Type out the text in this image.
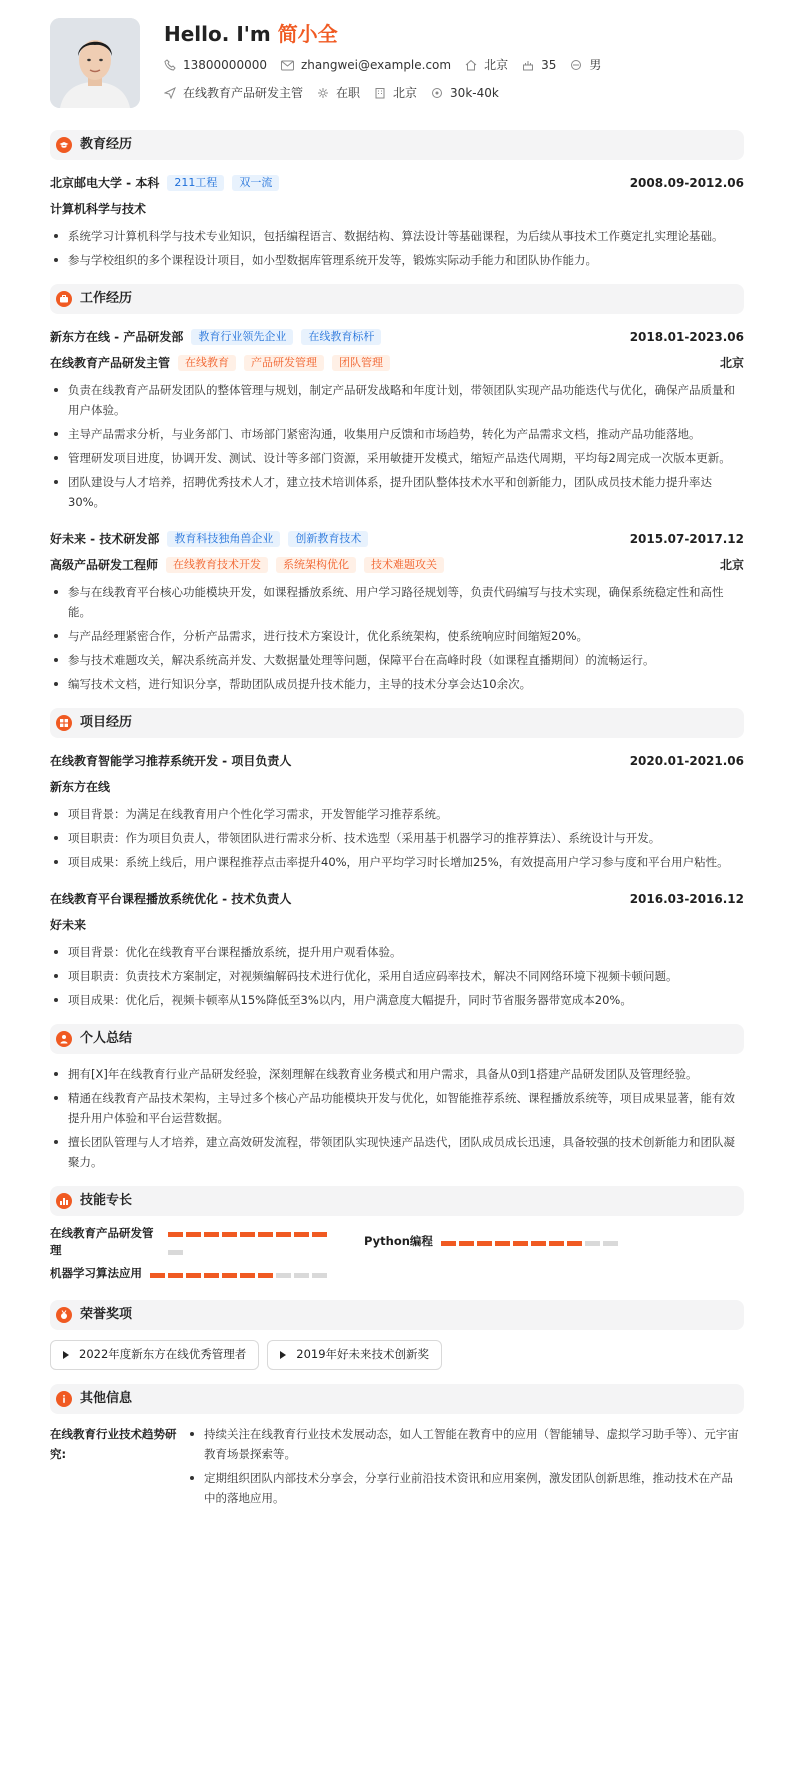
Hello. I'm 简小全
13800000000	zhangwei@example.com	北京	35	男
在线教育产品研发主管	在职	北京	30k-40k
教育经历
北京邮电大学 - 本科	211工程	双一流	2008.09-2012.06
计算机科学与技术
系统学习计算机科学与技术专业知识，包括编程语言、数据结构、算法设计等基础课程，为后续从事技术工作奠定扎实理论基础。
参与学校组织的多个课程设计项目，如小型数据库管理系统开发等，锻炼实际动手能力和团队协作能力。
工作经历
新东方在线 - 产品研发部	教育行业领先企业	在线教育标杆	2018.01-2023.06
在线教育产品研发主管	在线教育	产品研发管理	团队管理	北京
负责在线教育产品研发团队的整体管理与规划，制定产品研发战略和年度计划，带领团队实现产品功能迭代与优化，确保产品质量和用户体验。
主导产品需求分析，与业务部门、市场部门紧密沟通，收集用户反馈和市场趋势，转化为产品需求文档，推动产品功能落地。
管理研发项目进度，协调开发、测试、设计等多部门资源，采用敏捷开发模式，缩短产品迭代周期，平均每2周完成一次版本更新。
团队建设与人才培养，招聘优秀技术人才，建立技术培训体系，提升团队整体技术水平和创新能力，团队成员技术能力提升率达30%。
好未来 - 技术研发部	教育科技独角兽企业	创新教育技术	2015.07-2017.12
高级产品研发工程师	在线教育技术开发	系统架构优化	技术难题攻关	北京
参与在线教育平台核心功能模块开发，如课程播放系统、用户学习路径规划等，负责代码编写与技术实现，确保系统稳定性和高性能。
与产品经理紧密合作，分析产品需求，进行技术方案设计，优化系统架构，使系统响应时间缩短20%。
参与技术难题攻关，解决系统高并发、大数据量处理等问题，保障平台在高峰时段（如课程直播期间）的流畅运行。
编写技术文档，进行知识分享，帮助团队成员提升技术能力，主导的技术分享会达10余次。
项目经历
在线教育智能学习推荐系统开发 - 项目负责人	2020.01-2021.06
新东方在线
项目背景：为满足在线教育用户个性化学习需求，开发智能学习推荐系统。
项目职责：作为项目负责人，带领团队进行需求分析、技术选型（采用基于机器学习的推荐算法）、系统设计与开发。
项目成果：系统上线后，用户课程推荐点击率提升40%，用户平均学习时长增加25%，有效提高用户学习参与度和平台用户粘性。
在线教育平台课程播放系统优化 - 技术负责人	2016.03-2016.12
好未来
项目背景：优化在线教育平台课程播放系统，提升用户观看体验。
项目职责：负责技术方案制定，对视频编解码技术进行优化，采用自适应码率技术，解决不同网络环境下视频卡顿问题。
项目成果：优化后，视频卡顿率从15%降低至3%以内，用户满意度大幅提升，同时节省服务器带宽成本20%。
个人总结
拥有[X]年在线教育行业产品研发经验，深刻理解在线教育业务模式和用户需求，具备从0到1搭建产品研发团队及管理经验。
精通在线教育产品技术架构，主导过多个核心产品功能模块开发与优化，如智能推荐系统、课程播放系统等，项目成果显著，能有效提升用户体验和平台运营数据。
擅长团队管理与人才培养，建立高效研发流程，带领团队实现快速产品迭代，团队成员成长迅速，具备较强的技术创新能力和团队凝聚力。
技能专长
在线教育产品研发管理
Python编程
机器学习算法应用
荣誉奖项
2022年度新东方在线优秀管理者	2019年好未来技术创新奖
其他信息
在线教育行业技术趋势研究:
持续关注在线教育行业技术发展动态，如人工智能在教育中的应用（智能辅导、虚拟学习助手等）、元宇宙教育场景探索等。
定期组织团队内部技术分享会，分享行业前沿技术资讯和应用案例，激发团队创新思维，推动技术在产品中的落地应用。
